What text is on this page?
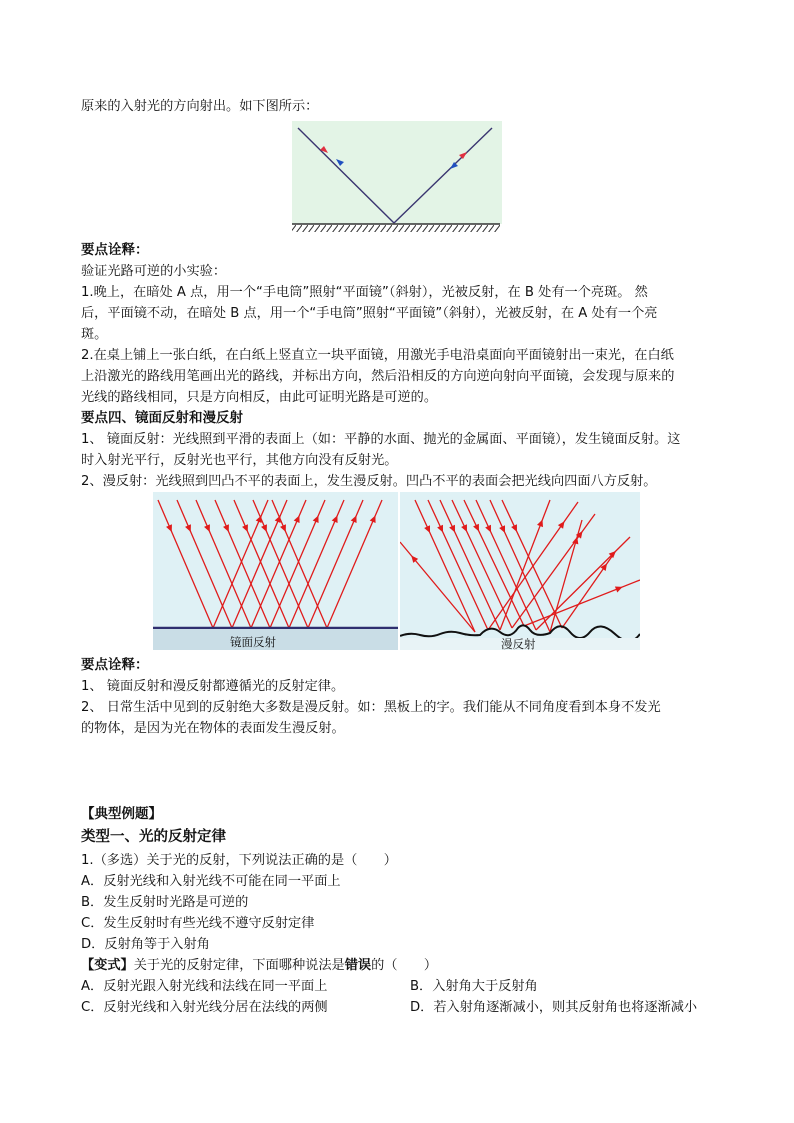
原来的入射光的方向射出。如下图所示：
要点诠释：
验证光路可逆的小实验：
1.晚上，在暗处 A 点，用一个“手电筒”照射“平面镜”（斜射），光被反射，在 B 处有一个亮斑。 然
后，平面镜不动，在暗处 B 点，用一个“手电筒”照射“平面镜”（斜射），光被反射，在 A 处有一个亮
斑。
2.在桌上铺上一张白纸，在白纸上竖直立一块平面镜，用激光手电沿桌面向平面镜射出一束光，在白纸
上沿激光的路线用笔画出光的路线，并标出方向，然后沿相反的方向逆向射向平面镜，会发现与原来的
光线的路线相同，只是方向相反，由此可证明光路是可逆的。
要点四、镜面反射和漫反射
1、 镜面反射：光线照到平滑的表面上（如：平静的水面、抛光的金属面、平面镜），发生镜面反射。这
时入射光平行，反射光也平行，其他方向没有反射光。
2、漫反射：光线照到凹凸不平的表面上，发生漫反射。凹凸不平的表面会把光线向四面八方反射。
镜面反射	漫反射
要点诠释：
1、 镜面反射和漫反射都遵循光的反射定律。
2、 日常生活中见到的反射绝大多数是漫反射。如：黑板上的字。我们能从不同角度看到本身不发光
的物体，是因为光在物体的表面发生漫反射。
【典型例题】
类型一、光的反射定律
1.（多选）关于光的反射，下列说法正确的是（　　）
A．反射光线和入射光线不可能在同一平面上
B．发生反射时光路是可逆的
C．发生反射时有些光线不遵守反射定律
D．反射角等于入射角
【变式】关于光的反射定律，下面哪种说法是错误的（　　）
A．反射光跟入射光线和法线在同一平面上	B．入射角大于反射角
C．反射光线和入射光线分居在法线的两侧	D．若入射角逐渐减小，则其反射角也将逐渐减小
